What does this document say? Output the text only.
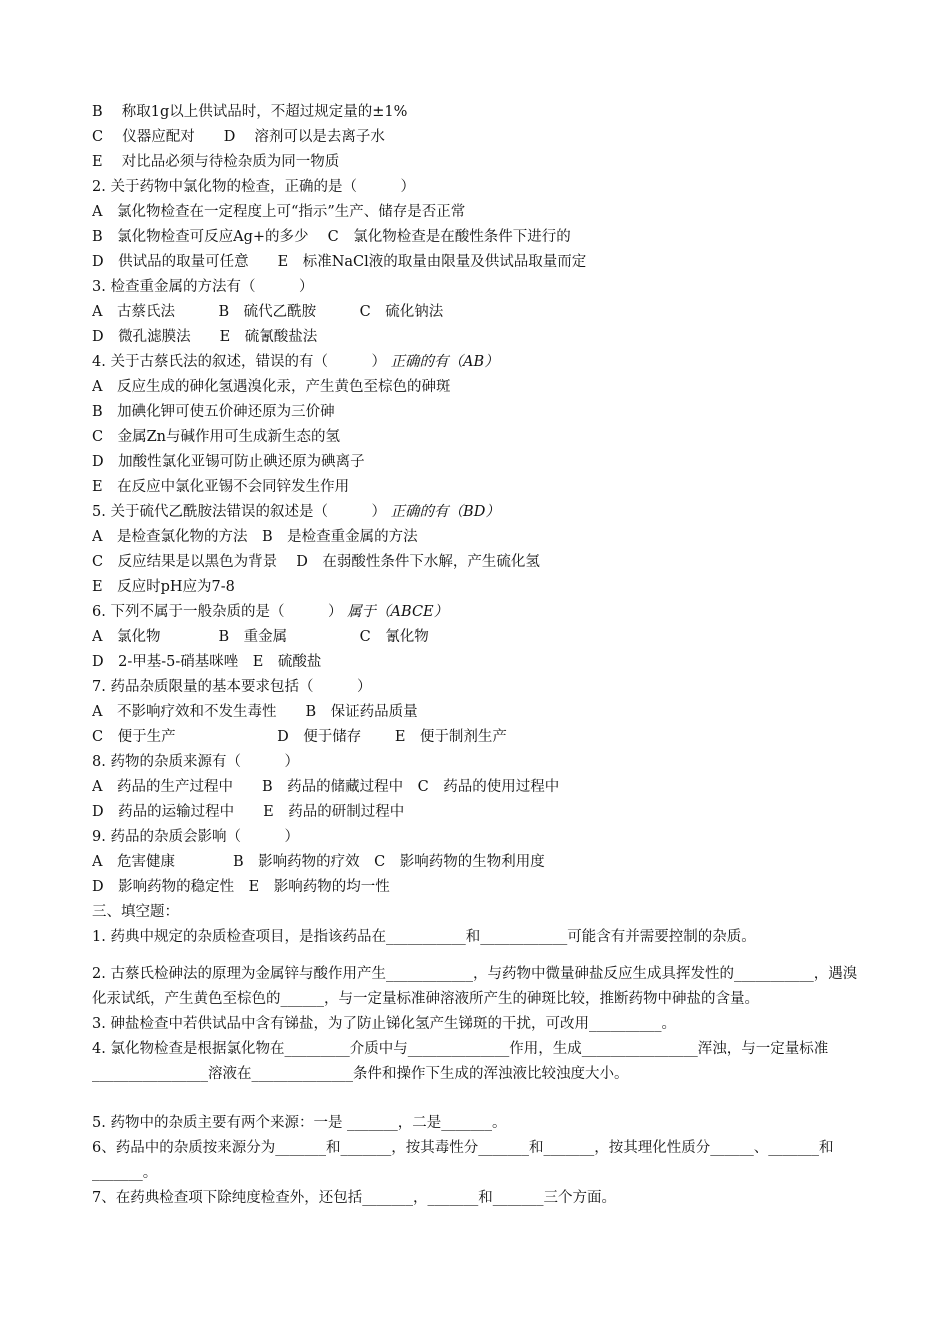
B　 称取1g以上供试品时，不超过规定量的±1%
C　 仪器应配对　　D　 溶剂可以是去离子水
E　 对比品必须与待检杂质为同一物质
2. 关于药物中氯化物的检查，正确的是（　　　）
A　氯化物检查在一定程度上可“指示”生产、储存是否正常
B　氯化物检查可反应Ag+的多少　 C　氯化物检查是在酸性条件下进行的
D　供试品的取量可任意　　E　标准NaCl液的取量由限量及供试品取量而定
3. 检查重金属的方法有（　　　）
A　古蔡氏法　　　B　硫代乙酰胺　　　C　硫化钠法
D　微孔滤膜法　　E　硫氰酸盐法
4. 关于古蔡氏法的叙述，错误的有（　　　） 正确的有（AB）
A　反应生成的砷化氢遇溴化汞，产生黄色至棕色的砷斑
B　加碘化钾可使五价砷还原为三价砷
C　金属Zn与碱作用可生成新生态的氢
D　加酸性氯化亚锡可防止碘还原为碘离子
E　在反应中氯化亚锡不会同锌发生作用
5. 关于硫代乙酰胺法错误的叙述是（　　　） 正确的有（BD）
A　是检查氯化物的方法　B　是检查重金属的方法
C　反应结果是以黑色为背景　 D　在弱酸性条件下水解，产生硫化氢
E　反应时pH应为7-8
6. 下列不属于一般杂质的是（　　　） 属于（ABCE）
A　氯化物　　　　B　重金属　　　　　C　氰化物
D　2-甲基-5-硝基咪唑　E　硫酸盐
7. 药品杂质限量的基本要求包括（　　　）
A　不影响疗效和不发生毒性　　B　保证药品质量
C　便于生产　　　　　　　D　便于储存　　 E　便于制剂生产
8. 药物的杂质来源有（　　　）
A　药品的生产过程中　　B　药品的储藏过程中　C　药品的使用过程中
D　药品的运输过程中　　E　药品的研制过程中
9. 药品的杂质会影响（　　　）
A　危害健康　　　　B　影响药物的疗效　C　影响药物的生物利用度
D　影响药物的稳定性　E　影响药物的均一性
三、填空题：
1. 药典中规定的杂质检查项目，是指该药品在___________和____________可能含有并需要控制的杂质。
2. 古蔡氏检砷法的原理为金属锌与酸作用产生____________，与药物中微量砷盐反应生成具挥发性的___________，遇溴化汞试纸，产生黄色至棕色的______，与一定量标准砷溶液所产生的砷斑比较，推断药物中砷盐的含量。
3. 砷盐检查中若供试品中含有锑盐，为了防止锑化氢产生锑斑的干扰，可改用__________。
4. 氯化物检查是根据氯化物在_________介质中与______________作用，生成________________浑浊，与一定量标准________________溶液在______________条件和操作下生成的浑浊液比较浊度大小。
5. 药物中的杂质主要有两个来源：一是 _______，二是_______。
6、药品中的杂质按来源分为_______和_______，按其毒性分_______和_______，按其理化性质分______、_______和_______。
7、在药典检查项下除纯度检查外，还包括_______，_______和_______三个方面。
